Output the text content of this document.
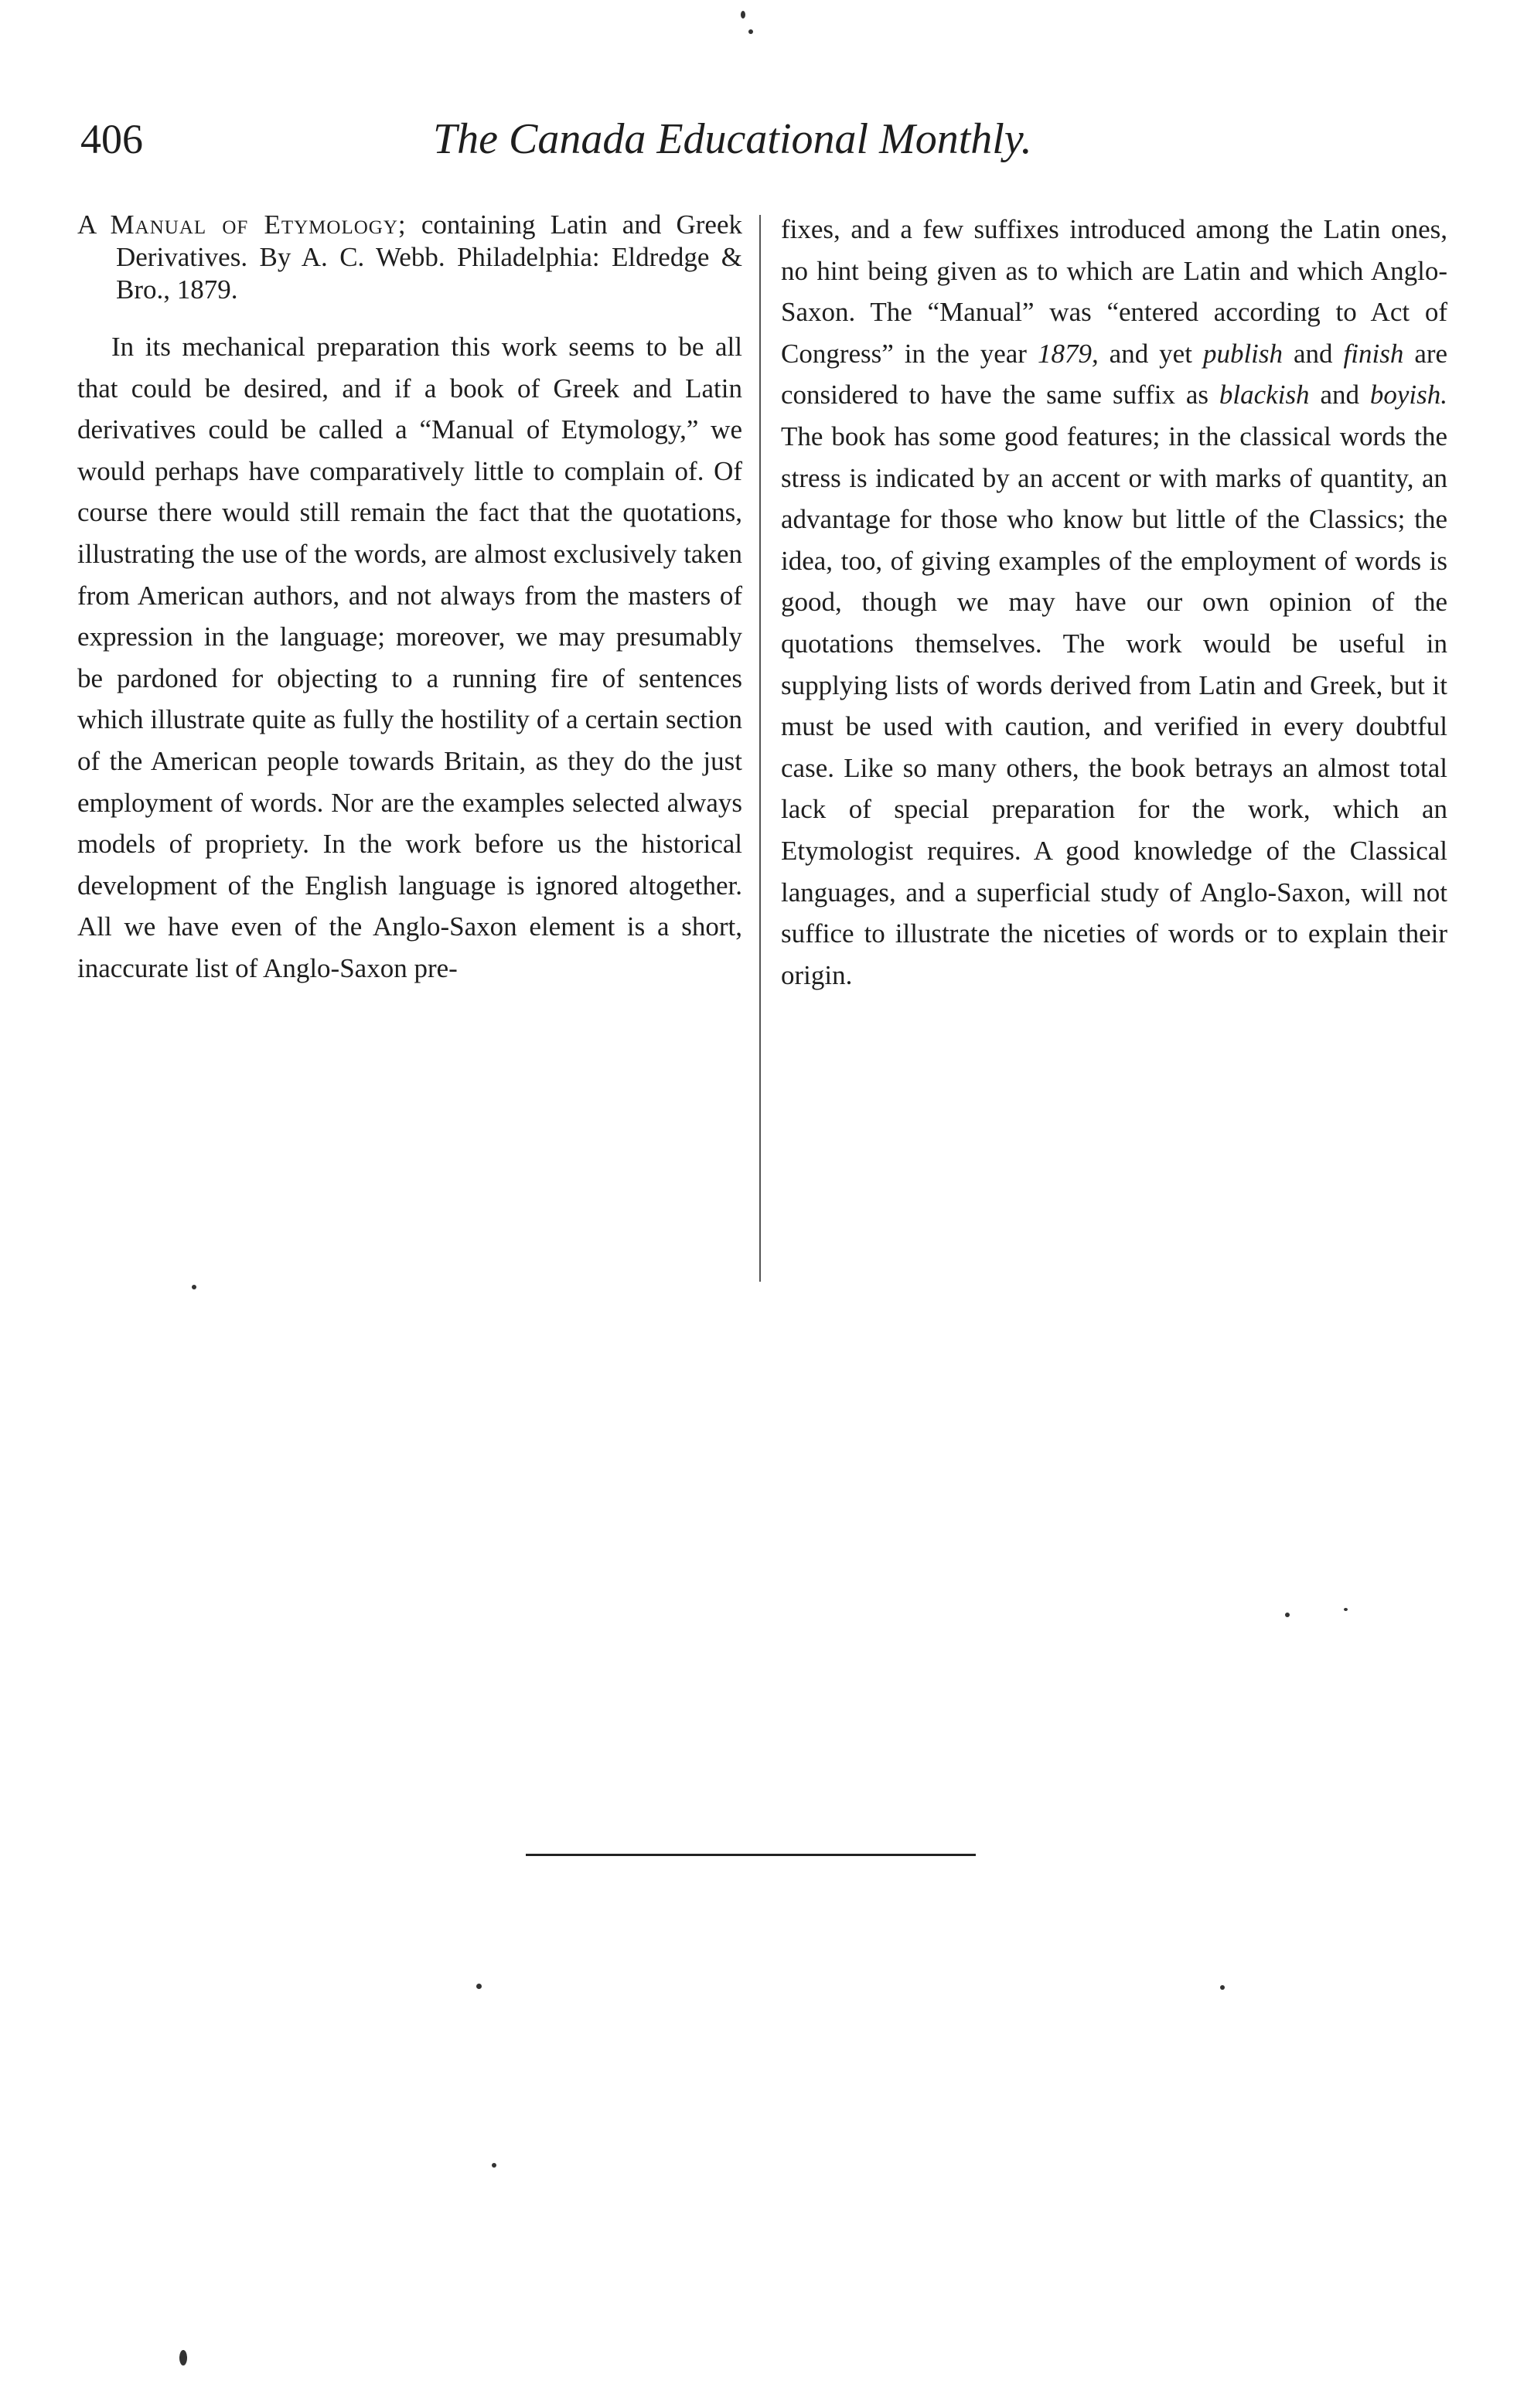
406	The Canada Educational Monthly.
A Manual of Etymology; containing Latin and Greek Derivatives. By A. C. Webb. Philadelphia: Eldredge & Bro., 1879.
In its mechanical preparation this work seems to be all that could be desired, and if a book of Greek and Latin derivatives could be called a “Manual of Etymology,” we would perhaps have comparatively little to complain of. Of course there would still remain the fact that the quotations, illustrating the use of the words, are almost exclusively taken from American authors, and not always from the masters of expression in the language; moreover, we may presumably be pardoned for objecting to a running fire of sentences which illustrate quite as fully the hostility of a certain section of the American people towards Britain, as they do the just employment of words. Nor are the examples selected always models of propriety. In the work before us the historical development of the English language is ignored altogether. All we have even of the Anglo-Saxon element is a short, inaccurate list of Anglo-Saxon pre-
fixes, and a few suffixes introduced among the Latin ones, no hint being given as to which are Latin and which Anglo-Saxon. The “Manual” was “entered according to Act of Congress” in the year 1879, and yet publish and finish are considered to have the same suffix as blackish and boyish. The book has some good features; in the classical words the stress is indicated by an accent or with marks of quantity, an advantage for those who know but little of the Classics; the idea, too, of giving examples of the employment of words is good, though we may have our own opinion of the quotations themselves. The work would be useful in supplying lists of words derived from Latin and Greek, but it must be used with caution, and verified in every doubtful case. Like so many others, the book betrays an almost total lack of special preparation for the work, which an Etymologist requires. A good knowledge of the Classical languages, and a superficial study of Anglo-Saxon, will not suffice to illustrate the niceties of words or to explain their origin.
